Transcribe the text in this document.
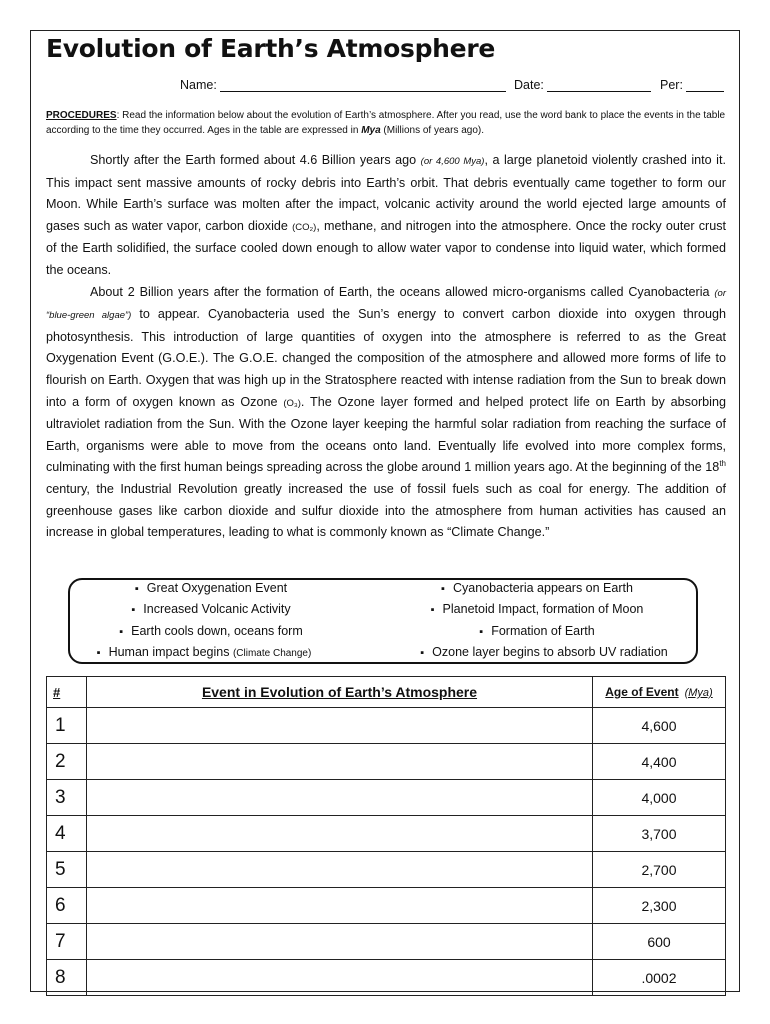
Evolution of Earth’s Atmosphere
Name:	Date:	Per:
PROCEDURES: Read the information below about the evolution of Earth’s atmosphere. After you read, use the word bank to place the events in the table according to the time they occurred. Ages in the table are expressed in Mya (Millions of years ago).

Shortly after the Earth formed about 4.6 Billion years ago (or 4,600 Mya), a large planetoid violently crashed into it. This impact sent massive amounts of rocky debris into Earth’s orbit. That debris eventually came together to form our Moon. While Earth’s surface was molten after the impact, volcanic activity around the world ejected large amounts of gases such as water vapor, carbon dioxide (CO₂), methane, and nitrogen into the atmosphere. Once the rocky outer crust of the Earth solidified, the surface cooled down enough to allow water vapor to condense into liquid water, which formed the oceans.

About 2 Billion years after the formation of Earth, the oceans allowed micro-organisms called Cyanobacteria (or “blue-green algae”) to appear. Cyanobacteria used the Sun’s energy to convert carbon dioxide into oxygen through photosynthesis. This introduction of large quantities of oxygen into the atmosphere is referred to as the Great Oxygenation Event (G.O.E.). The G.O.E. changed the composition of the atmosphere and allowed more forms of life to flourish on Earth. Oxygen that was high up in the Stratosphere reacted with intense radiation from the Sun to break down into a form of oxygen known as Ozone (O₃). The Ozone layer formed and helped protect life on Earth by absorbing ultraviolet radiation from the Sun. With the Ozone layer keeping the harmful solar radiation from reaching the surface of Earth, organisms were able to move from the oceans onto land. Eventually life evolved into more complex forms, culminating with the first human beings spreading across the globe around 1 million years ago. At the beginning of the 18th century, the Industrial Revolution greatly increased the use of fossil fuels such as coal for energy. The addition of greenhouse gases like carbon dioxide and sulfur dioxide into the atmosphere from human activities has caused an increase in global temperatures, leading to what is commonly known as “Climate Change.”

▪ Great Oxygenation Event
▪ Increased Volcanic Activity
▪ Earth cools down, oceans form
▪ Human impact begins (Climate Change)
▪ Cyanobacteria appears on Earth
▪ Planetoid Impact, formation of Moon
▪ Formation of Earth
▪ Ozone layer begins to absorb UV radiation
#	Event in Evolution of Earth’s Atmosphere	Age of Event (Mya)
1		4,600
2		4,400
3		4,000
4		3,700
5		2,700
6		2,300
7		600
8		.0002
